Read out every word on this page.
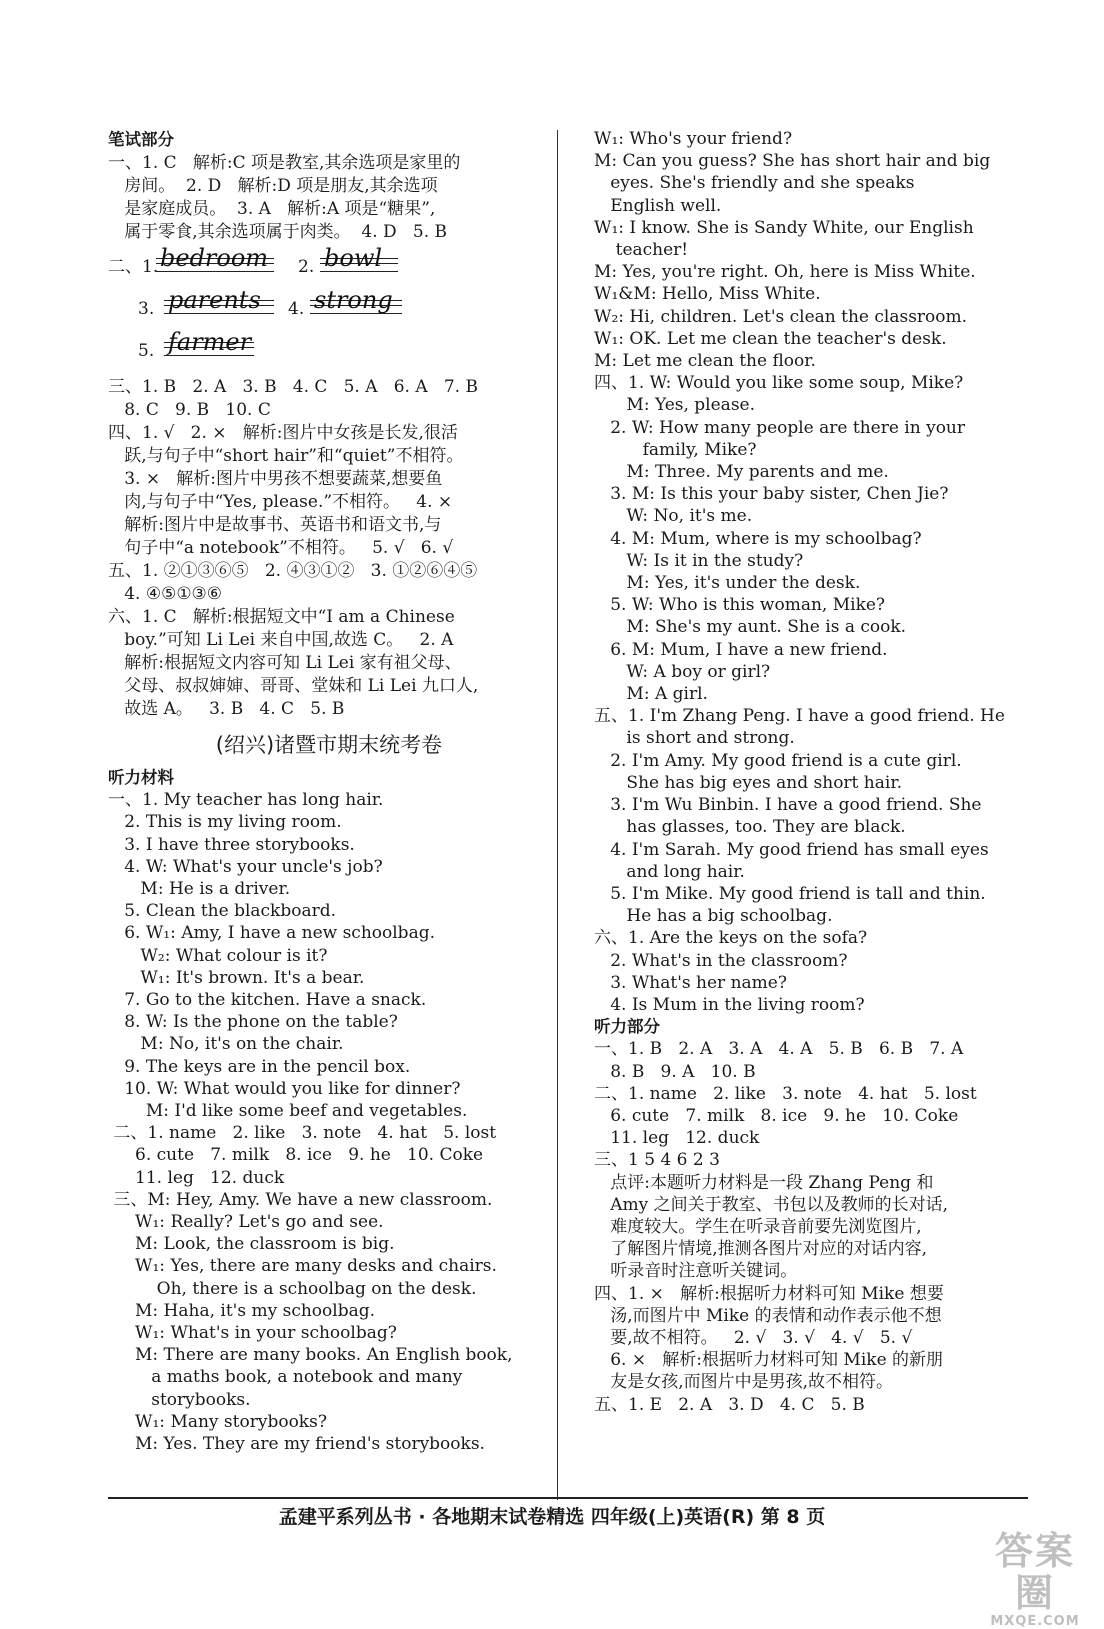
笔试部分
一、1. C   解析:C 项是教室,其余选项是家里的
房间。  2. D   解析:D 项是朋友,其余选项
是家庭成员。  3. A   解析:A 项是“糖果”,
属于零食,其余选项属于肉类。  4. D   5. B
二、1. bedroom 2. bowl
3. parents 4. strong
5. farmer
三、1. B   2. A   3. B   4. C   5. A   6. A   7. B
8. C   9. B   10. C
四、1. √   2. ×   解析:图片中女孩是长发,很活
跃,与句子中“short hair”和“quiet”不相符。
3. ×   解析:图片中男孩不想要蔬菜,想要鱼
肉,与句子中“Yes, please.”不相符。   4. ×
解析:图片中是故事书、英语书和语文书,与
句子中“a notebook”不相符。   5. √   6. √
五、1. ②①③⑥⑤   2. ④③①②   3. ①②⑥④⑤
4. ④⑤①③⑥
六、1. C   解析:根据短文中“I am a Chinese
boy.”可知 Li Lei 来自中国,故选 C。   2. A
解析:根据短文内容可知 Li Lei 家有祖父母、
父母、叔叔婶婶、哥哥、堂妹和 Li Lei 九口人,
故选 A。   3. B   4. C   5. B
(绍兴)诸暨市期末统考卷
听力材料
一、1. My teacher has long hair.
2. This is my living room.
3. I have three storybooks.
4. W: What's your uncle's job?
M: He is a driver.
5. Clean the blackboard.
6. W₁: Amy, I have a new schoolbag.
W₂: What colour is it?
W₁: It's brown. It's a bear.
7. Go to the kitchen. Have a snack.
8. W: Is the phone on the table?
M: No, it's on the chair.
9. The keys are in the pencil box.
10. W: What would you like for dinner?
M: I'd like some beef and vegetables.
二、1. name   2. like   3. note   4. hat   5. lost
6. cute   7. milk   8. ice   9. he   10. Coke
11. leg   12. duck
三、M: Hey, Amy. We have a new classroom.
W₁: Really? Let's go and see.
M: Look, the classroom is big.
W₁: Yes, there are many desks and chairs.
Oh, there is a schoolbag on the desk.
M: Haha, it's my schoolbag.
W₁: What's in your schoolbag?
M: There are many books. An English book,
a maths book, a notebook and many
storybooks.
W₁: Many storybooks?
M: Yes. They are my friend's storybooks.
W₁: Who's your friend?
M: Can you guess? She has short hair and big
eyes. She's friendly and she speaks
English well.
W₁: I know. She is Sandy White, our English
teacher!
M: Yes, you're right. Oh, here is Miss White.
W₁&M: Hello, Miss White.
W₂: Hi, children. Let's clean the classroom.
W₁: OK. Let me clean the teacher's desk.
M: Let me clean the floor.
四、1. W: Would you like some soup, Mike?
M: Yes, please.
2. W: How many people are there in your
family, Mike?
M: Three. My parents and me.
3. M: Is this your baby sister, Chen Jie?
W: No, it's me.
4. M: Mum, where is my schoolbag?
W: Is it in the study?
M: Yes, it's under the desk.
5. W: Who is this woman, Mike?
M: She's my aunt. She is a cook.
6. M: Mum, I have a new friend.
W: A boy or girl?
M: A girl.
五、1. I'm Zhang Peng. I have a good friend. He
is short and strong.
2. I'm Amy. My good friend is a cute girl.
She has big eyes and short hair.
3. I'm Wu Binbin. I have a good friend. She
has glasses, too. They are black.
4. I'm Sarah. My good friend has small eyes
and long hair.
5. I'm Mike. My good friend is tall and thin.
He has a big schoolbag.
六、1. Are the keys on the sofa?
2. What's in the classroom?
3. What's her name?
4. Is Mum in the living room?
听力部分
一、1. B   2. A   3. A   4. A   5. B   6. B   7. A
8. B   9. A   10. B
二、1. name   2. like   3. note   4. hat   5. lost
6. cute   7. milk   8. ice   9. he   10. Coke
11. leg   12. duck
三、1 5 4 6 2 3
点评:本题听力材料是一段 Zhang Peng 和
Amy 之间关于教室、书包以及教师的长对话,
难度较大。学生在听录音前要先浏览图片,
了解图片情境,推测各图片对应的对话内容,
听录音时注意听关键词。
四、1. ×   解析:根据听力材料可知 Mike 想要
汤,而图片中 Mike 的表情和动作表示他不想
要,故不相符。   2. √   3. √   4. √   5. √
6. ×   解析:根据听力材料可知 Mike 的新朋
友是女孩,而图片中是男孩,故不相符。
五、1. E   2. A   3. D   4. C   5. B
孟建平系列丛书 · 各地期末试卷精选 四年级(上)英语(R) 第 8 页
答案圈
MXQE.COM
